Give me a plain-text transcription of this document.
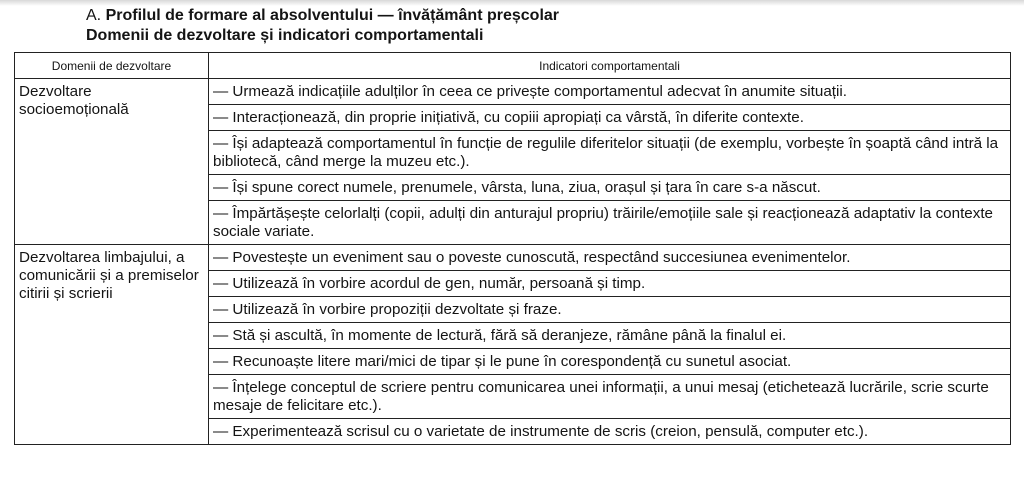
A. Profilul de formare al absolventului — învățământ preșcolar
Domenii de dezvoltare și indicatori comportamentali
Domenii de dezvoltare	Indicatori comportamentali
Dezvoltare socioemoțională	— Urmează indicațiile adulților în ceea ce privește comportamentul adecvat în anumite situații.
	— Interacționează, din proprie inițiativă, cu copiii apropiați ca vârstă, în diferite contexte.
	— Își adaptează comportamentul în funcție de regulile diferitelor situații (de exemplu, vorbește în șoaptă când intră la bibliotecă, când merge la muzeu etc.).
	— Își spune corect numele, prenumele, vârsta, luna, ziua, orașul și țara în care s-a născut.
	— Împărtășește celorlalți (copii, adulți din anturajul propriu) trăirile/emoțiile sale și reacționează adaptativ la contexte sociale variate.
Dezvoltarea limbajului, a comunicării și a premiselor citirii și scrierii	— Povestește un eveniment sau o poveste cunoscută, respectând succesiunea evenimentelor.
	— Utilizează în vorbire acordul de gen, număr, persoană și timp.
	— Utilizează în vorbire propoziții dezvoltate și fraze.
	— Stă și ascultă, în momente de lectură, fără să deranjeze, rămâne până la finalul ei.
	— Recunoaște litere mari/mici de tipar și le pune în corespondență cu sunetul asociat.
	— Înțelege conceptul de scriere pentru comunicarea unei informații, a unui mesaj (etichetează lucrările, scrie scurte mesaje de felicitare etc.).
	— Experimentează scrisul cu o varietate de instrumente de scris (creion, pensulă, computer etc.).
